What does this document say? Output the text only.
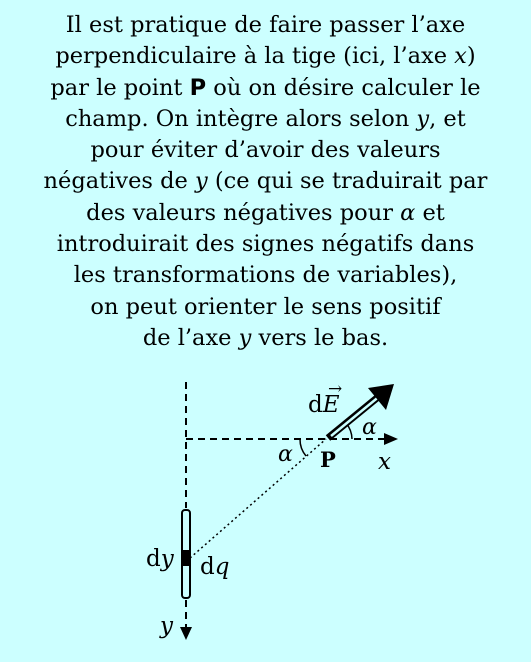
Il est pratique de faire passer l’axe
perpendiculaire à la tige (ici, l’axe x)
par le point P où on désire calculer le
champ. On intègre alors selon y, et
pour éviter d’avoir des valeurs
négatives de y (ce qui se traduirait par
des valeurs négatives pour α et
introduirait des signes négatifs dans
les transformations de variables),
on peut orienter le sens positif
de l’axe y vers le bas.
dE
→
α
α P x
y
dy dq
